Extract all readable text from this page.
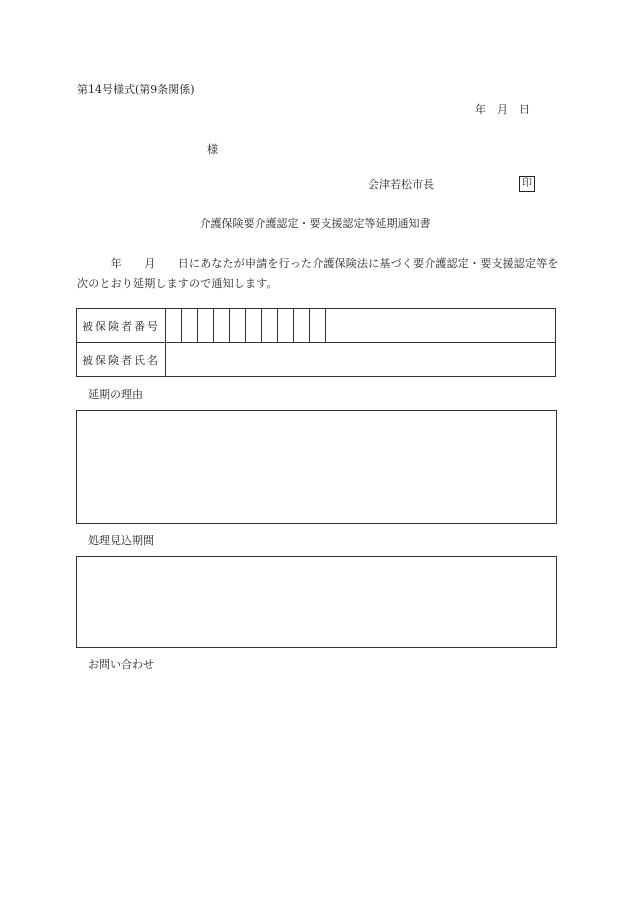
第14号様式(第9条関係)
年　月　日
様
会津若松市長	印
介護保険要介護認定・要支援認定等延期通知書
　　　年　　月　　日にあなたが申請を行った介護保険法に基づく要介護認定・要支援認定等を次のとおり延期しますので通知します。
被保険者番号	

被保険者氏名	
延期の理由
処理見込期間
お問い合わせ
